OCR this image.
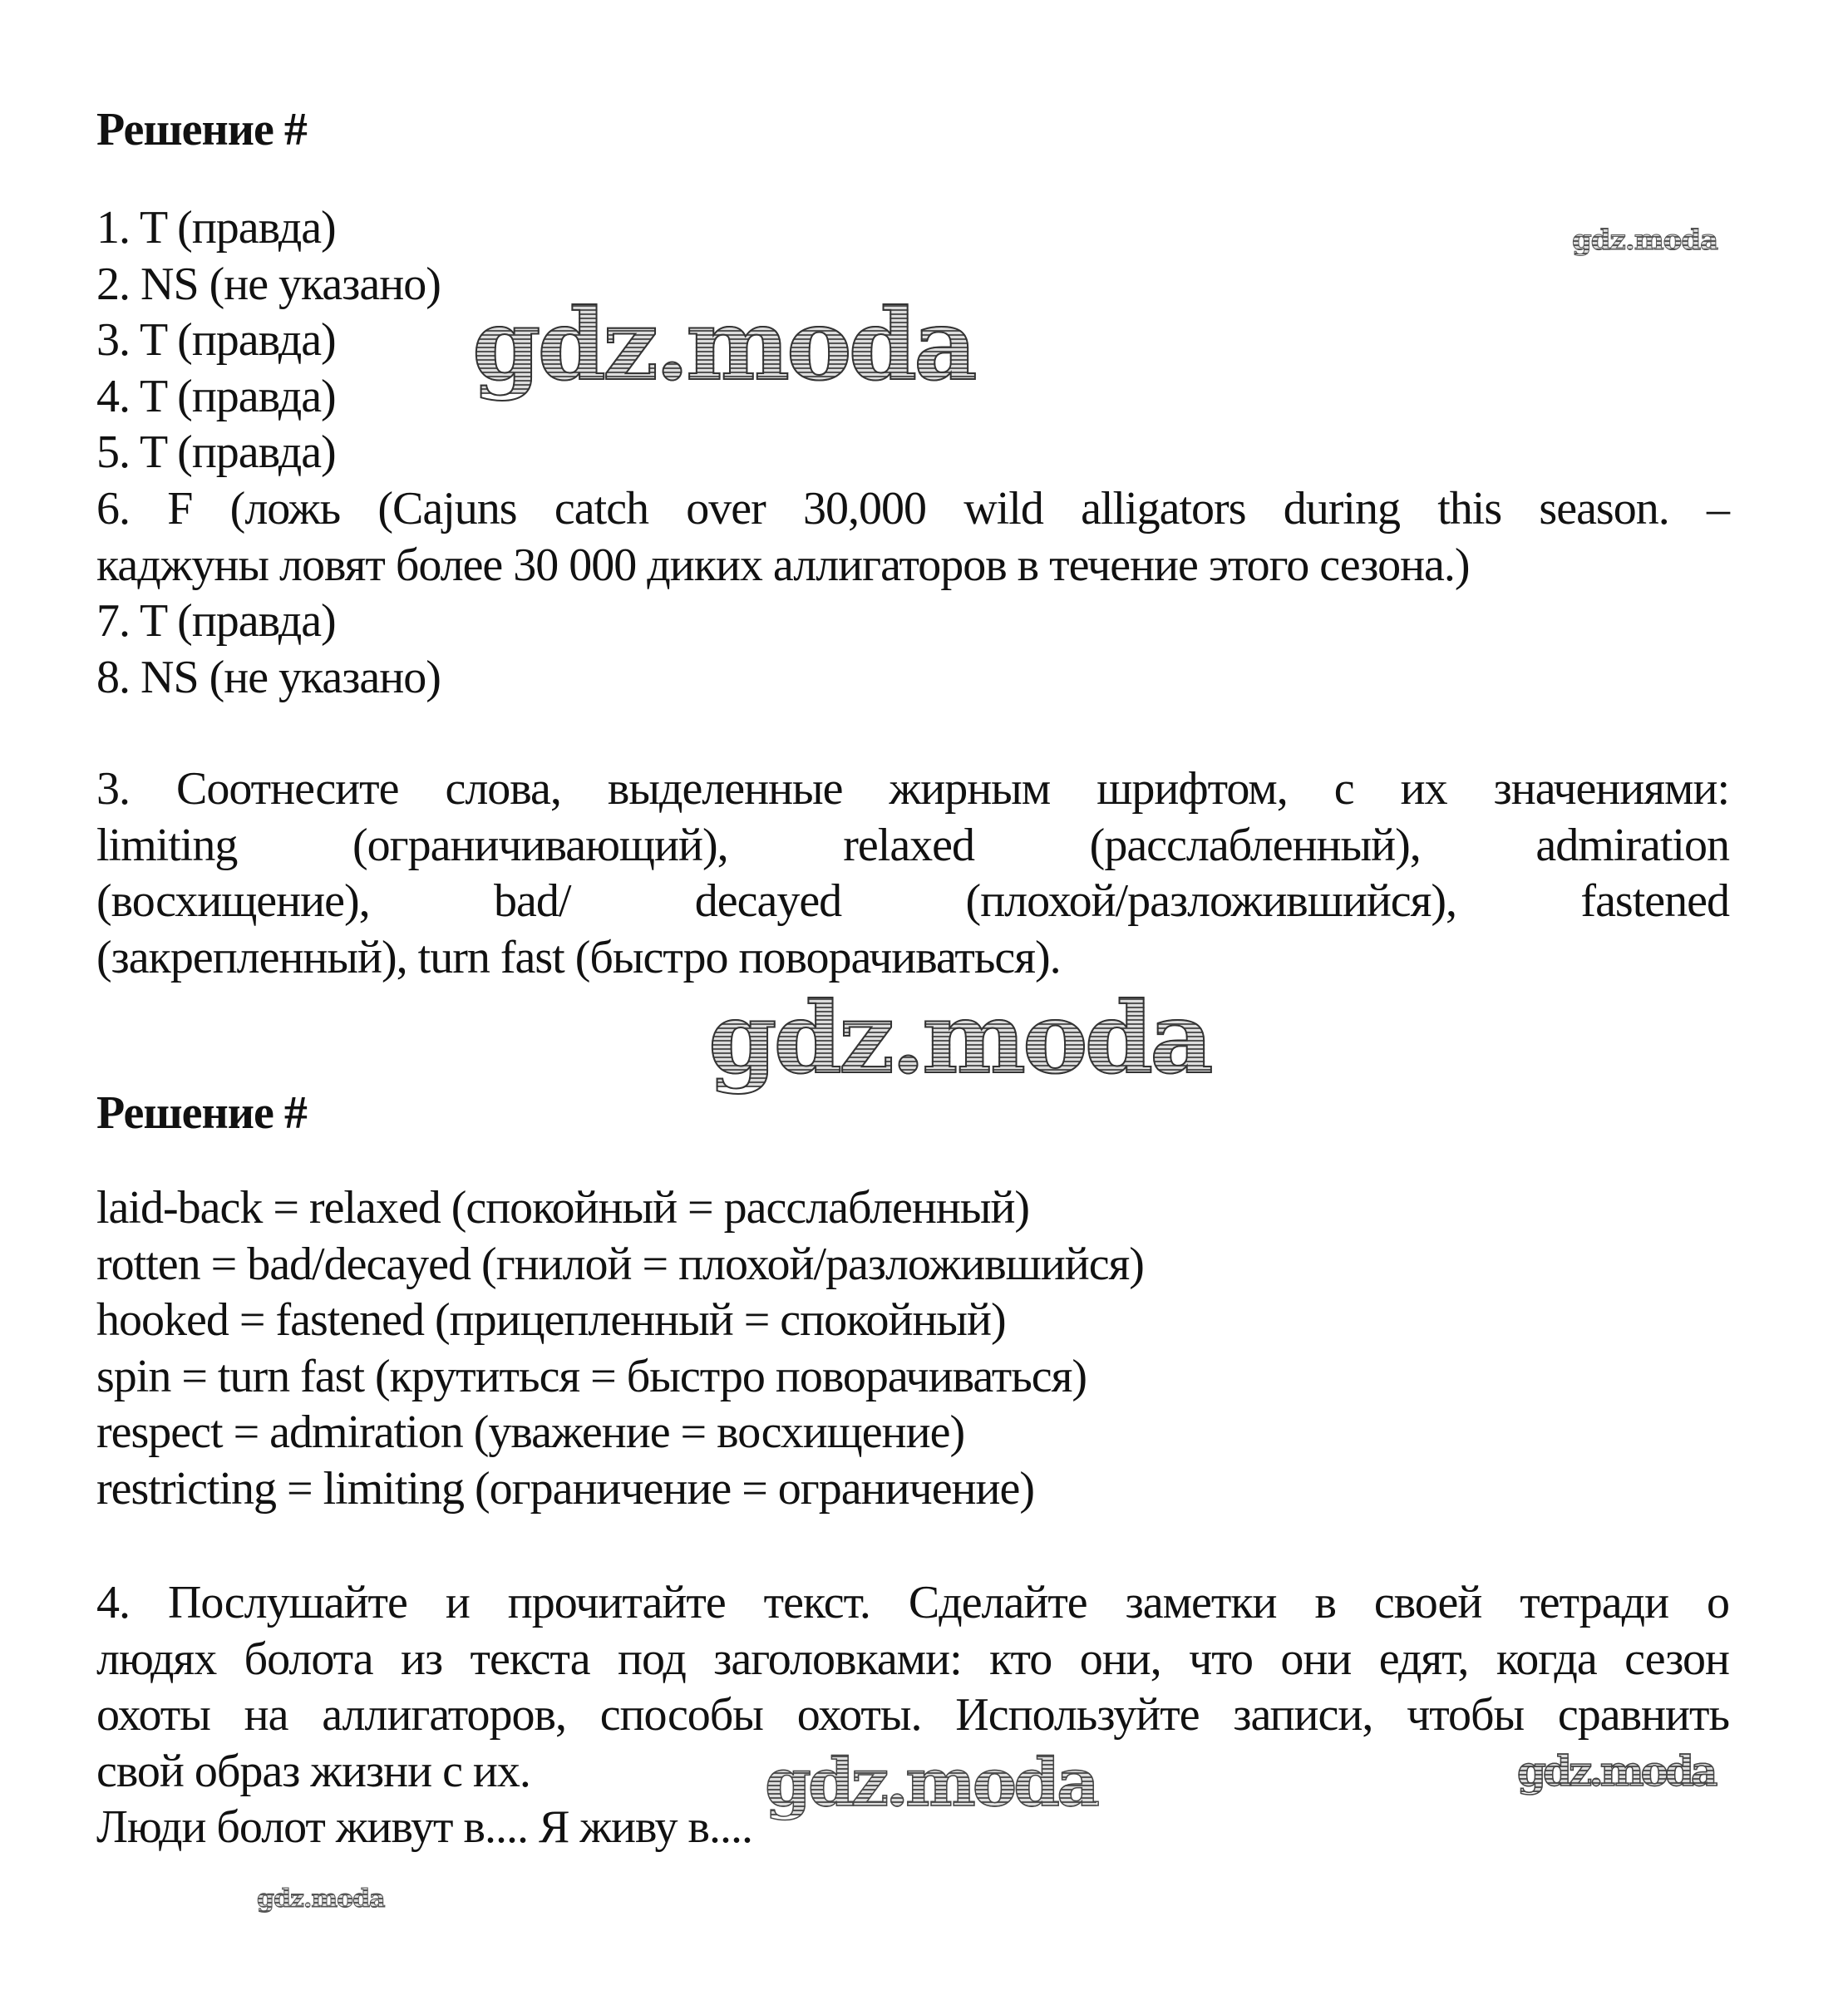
Решение #
1. T (правда)
2. NS (не указано)
3. T (правда)
4. T (правда)
5. T (правда)
6. F (ложь (Cajuns catch over 30,000 wild alligators during this season. –
каджуны ловят более 30 000 диких аллигаторов в течение этого сезона.)
7. T (правда)
8. NS (не указано)
3. Соотнесите слова, выделенные жирным шрифтом, с их значениями:
limiting (ограничивающий), relaxed (расслабленный), admiration
(восхищение), bad/ decayed (плохой/разложившийся), fastened
(закрепленный), turn fast (быстро поворачиваться).
Решение #
laid-back = relaxed (спокойный = расслабленный)
rotten = bad/decayed (гнилой = плохой/разложившийся)
hooked = fastened (прицепленный = спокойный)
spin = turn fast (крутиться = быстро поворачиваться)
respect = admiration (уважение = восхищение)
restricting = limiting (ограничение = ограничение)
4. Послушайте и прочитайте текст. Сделайте заметки в своей тетради о
людях болота из текста под заголовками: кто они, что они едят, когда сезон
охоты на аллигаторов, способы охоты. Используйте записи, чтобы сравнить
свой образ жизни с их.
Люди болот живут в.... Я живу в....
gdz.moda
gdz.moda
gdz.moda
gdz.moda
gdz.moda	gdz.moda
